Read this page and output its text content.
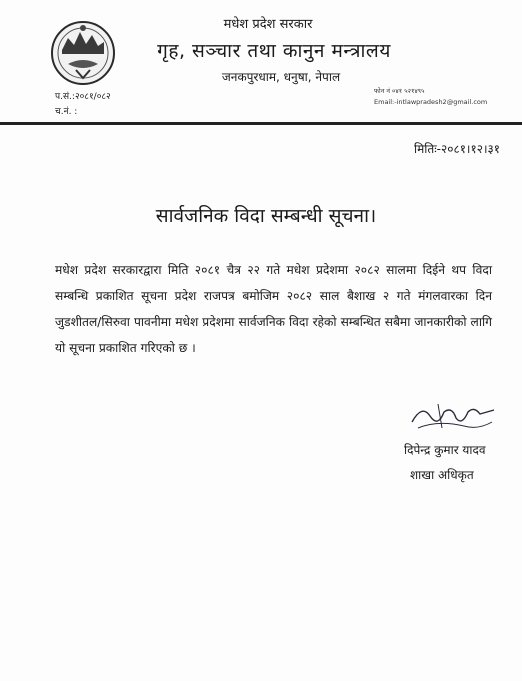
मधेश प्रदेश सरकार
गृह, सञ्चार तथा कानुन मन्त्रालय
जनकपुरधाम, धनुषा, नेपाल
फोन नं ०४१ ५२१४९५
Email:-intlawpradesh2@gmail.com
प.सं.:२०८१/०८२
च.नं. :
मितिः-२०८१।१२।३१
सार्वजनिक विदा सम्बन्धी सूचना।
मधेश प्रदेश सरकारद्वारा मिति २०८१ चैत्र २२ गते मधेश प्रदेशमा २०८२ सालमा दिईने थप विदा सम्बन्धि प्रकाशित सूचना प्रदेश राजपत्र बमोजिम २०८२ साल बैशाख २ गते मंगलवारका दिन जुडशीतल/सिरुवा पावनीमा मधेश प्रदेशमा सार्वजनिक विदा रहेको सम्बन्धित सबैमा जानकारीको लागि यो सूचना प्रकाशित गरिएको छ ।
दिपेन्द्र कुमार यादव
शाखा अधिकृत
